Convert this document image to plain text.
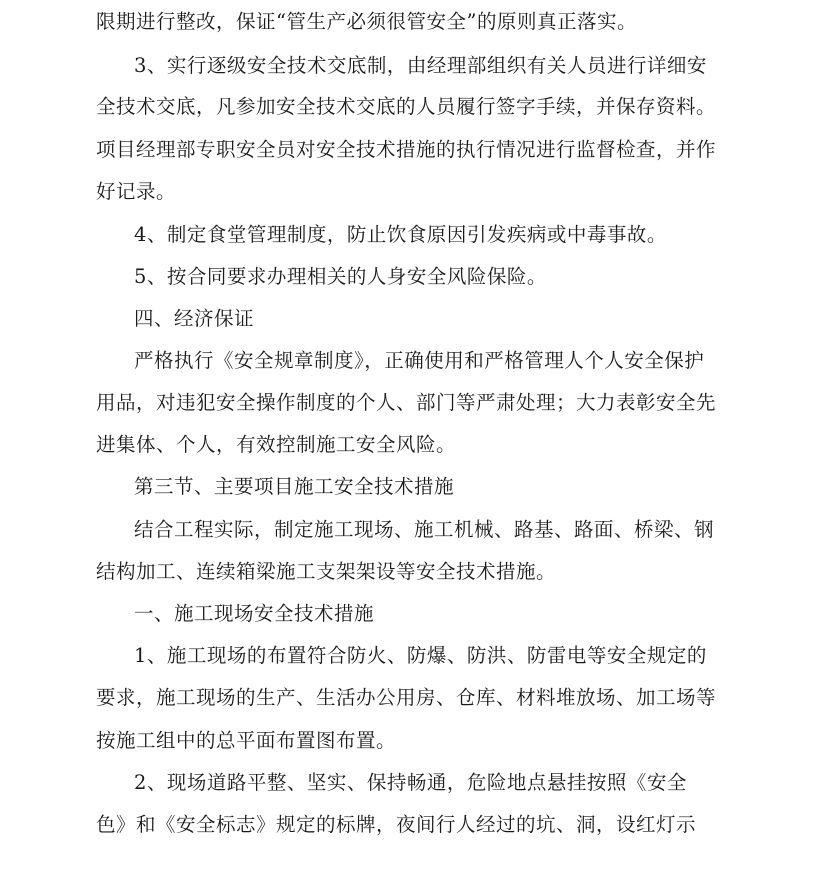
限期进行整改，保证“管生产必须很管安全”的原则真正落实。
3、实行逐级安全技术交底制，由经理部组织有关人员进行详细安
全技术交底，凡参加安全技术交底的人员履行签字手续，并保存资料。
项目经理部专职安全员对安全技术措施的执行情况进行监督检查，并作
好记录。
4、制定食堂管理制度，防止饮食原因引发疾病或中毒事故。
5、按合同要求办理相关的人身安全风险保险。
四、经济保证
严格执行《安全规章制度》，正确使用和严格管理人个人安全保护
用品，对违犯安全操作制度的个人、部门等严肃处理；大力表彰安全先
进集体、个人，有效控制施工安全风险。
第三节、主要项目施工安全技术措施
结合工程实际，制定施工现场、施工机械、路基、路面、桥梁、钢
结构加工、连续箱梁施工支架架设等安全技术措施。
一、施工现场安全技术措施
1、施工现场的布置符合防火、防爆、防洪、防雷电等安全规定的
要求，施工现场的生产、生活办公用房、仓库、材料堆放场、加工场等
按施工组中的总平面布置图布置。
2、现场道路平整、坚实、保持畅通，危险地点悬挂按照《安全
色》和《安全标志》规定的标牌，夜间行人经过的坑、洞，设红灯示
